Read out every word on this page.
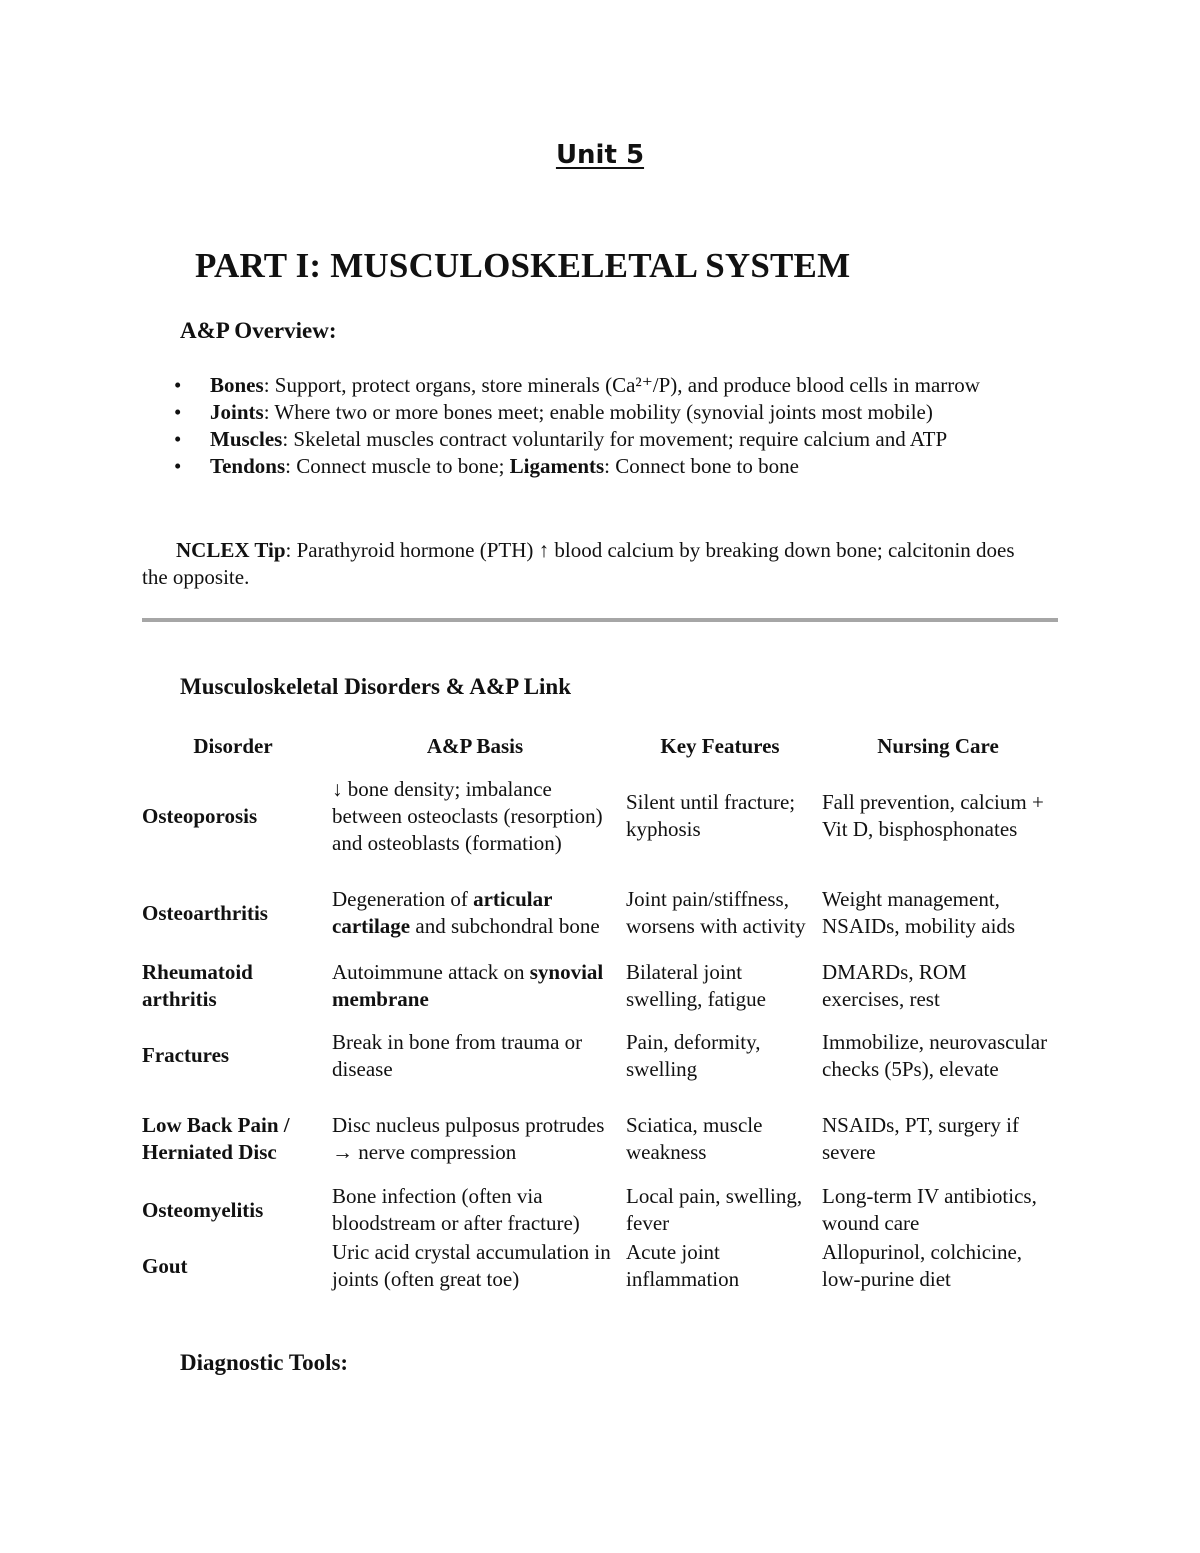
Unit 5
PART I: MUSCULOSKELETAL SYSTEM
A&P Overview:
• Bones: Support, protect organs, store minerals (Ca²⁺/P), and produce blood cells in marrow
• Joints: Where two or more bones meet; enable mobility (synovial joints most mobile)
• Muscles: Skeletal muscles contract voluntarily for movement; require calcium and ATP
• Tendons: Connect muscle to bone; Ligaments: Connect bone to bone
NCLEX Tip: Parathyroid hormone (PTH) ↑ blood calcium by breaking down bone; calcitonin does the opposite.
Musculoskeletal Disorders & A&P Link
Disorder	A&P Basis	Key Features	Nursing Care
Osteoporosis	↓ bone density; imbalance between osteoclasts (resorption) and osteoblasts (formation)	Silent until fracture; kyphosis	Fall prevention, calcium + Vit D, bisphosphonates
Osteoarthritis	Degeneration of articular cartilage and subchondral bone	Joint pain/stiffness, worsens with activity	Weight management, NSAIDs, mobility aids
Rheumatoid arthritis	Autoimmune attack on synovial membrane	Bilateral joint swelling, fatigue	DMARDs, ROM exercises, rest
Fractures	Break in bone from trauma or disease	Pain, deformity, swelling	Immobilize, neurovascular checks (5Ps), elevate
Low Back Pain / Herniated Disc	Disc nucleus pulposus protrudes → nerve compression	Sciatica, muscle weakness	NSAIDs, PT, surgery if severe
Osteomyelitis	Bone infection (often via bloodstream or after fracture)	Local pain, swelling, fever	Long-term IV antibiotics, wound care
Gout	Uric acid crystal accumulation in joints (often great toe)	Acute joint inflammation	Allopurinol, colchicine, low-purine diet
Diagnostic Tools:
